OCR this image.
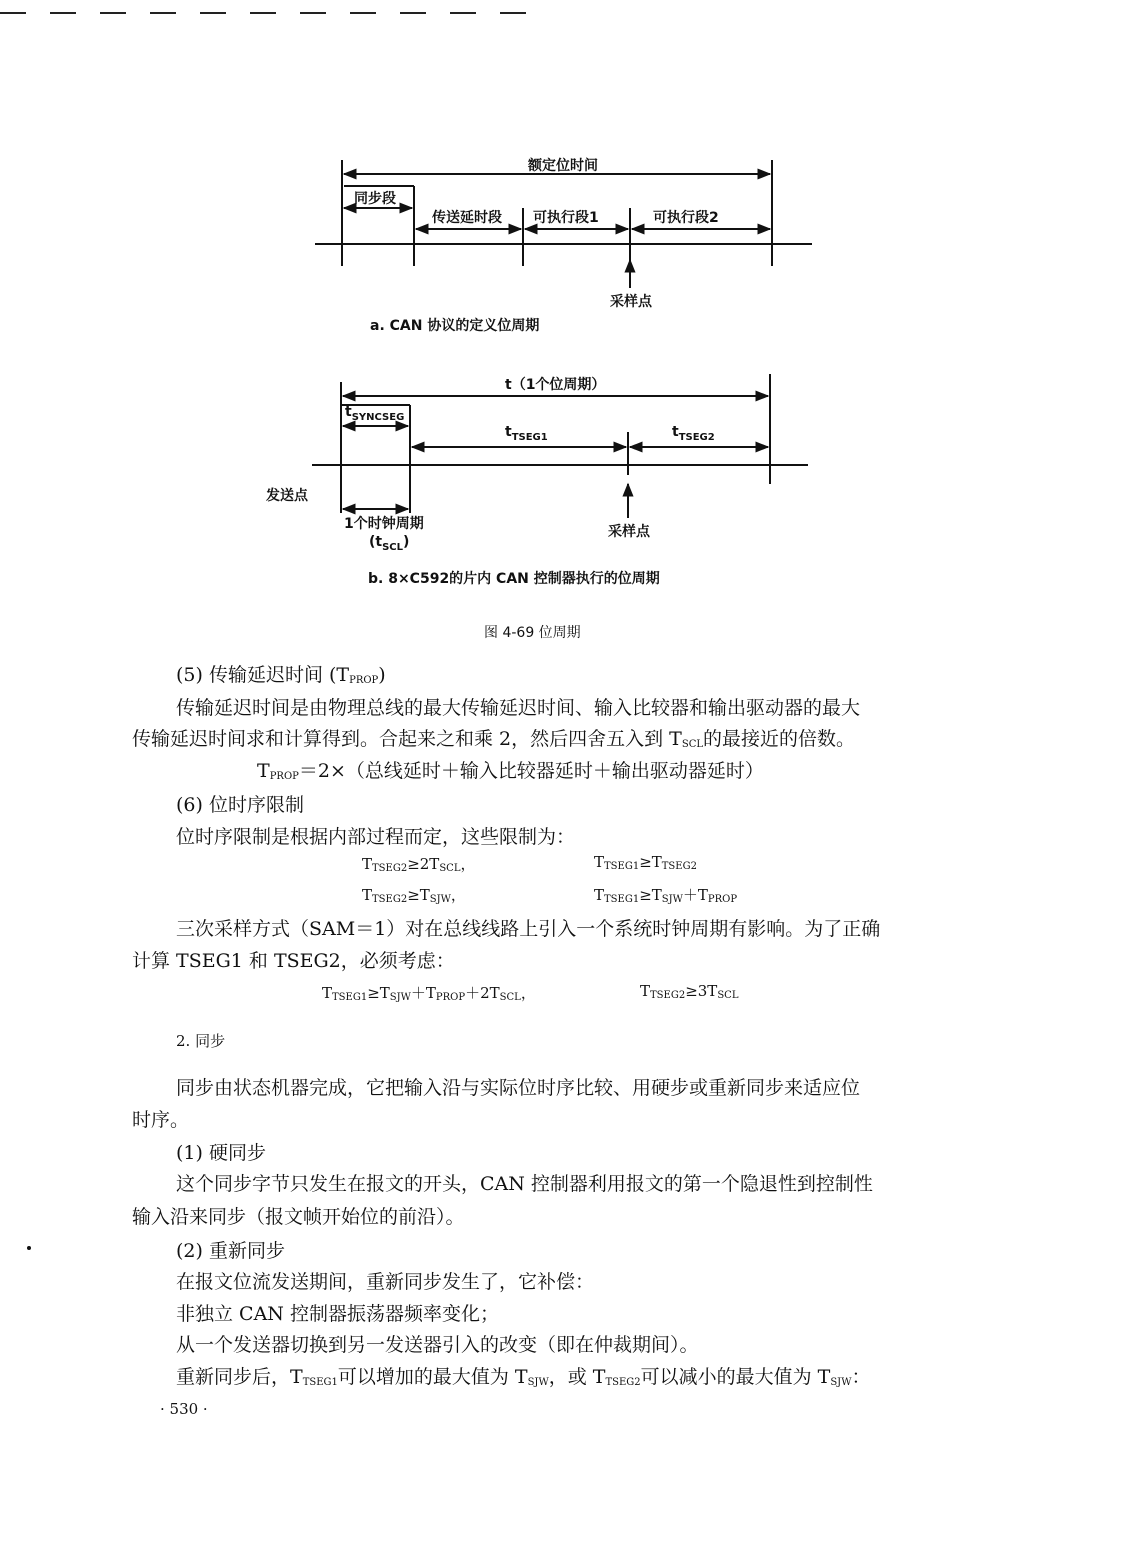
额定位时间
同步段
传送延时段 可执行段1	可执行段2
采样点
a. CAN 协议的定义位周期
t（1个位周期）
$t_{SYNCSEG}$
$t_{TSEG1}$	$t_{TSEG2}$
发送点
1个时钟周期
$(t_{SCL})$
采样点
b. 8×C592的片内 CAN 控制器执行的位周期
图 4-69 位周期
(5) 传输延迟时间 $(T_{PROP})$
传输延迟时间是由物理总线的最大传输延迟时间、输入比较器和输出驱动器的最大
传输延迟时间求和计算得到。合起来之和乘 2，然后四舍五入到 $T_{SCL}$的最接近的倍数。
$T_{PROP}=2\times$（总线延时＋输入比较器延时＋输出驱动器延时）
(6) 位时序限制
位时序限制是根据内部过程而定，这些限制为：
$T_{TSEG2}\ge 2T_{SCL}$，	$T_{TSEG1}\ge T_{TSEG2}$
$T_{TSEG2}\ge T_{SJW}$，	$T_{TSEG1}\ge T_{SJW}+T_{PROP}$
三次采样方式（SAM＝1）对在总线线路上引入一个系统时钟周期有影响。为了正确
计算 TSEG1 和 TSEG2，必须考虑：
$T_{TSEG1}\ge T_{SJW}+T_{PROP}+2T_{SCL}$，	$T_{TSEG2}\ge 3T_{SCL}$
2. 同步
同步由状态机器完成，它把输入沿与实际位时序比较、用硬步或重新同步来适应位
时序。
(1) 硬同步
这个同步字节只发生在报文的开头，CAN 控制器利用报文的第一个隐退性到控制性
输入沿来同步（报文帧开始位的前沿）。
(2) 重新同步
在报文位流发送期间，重新同步发生了，它补偿：
非独立 CAN 控制器振荡器频率变化；
从一个发送器切换到另一发送器引入的改变（即在仲裁期间）。
重新同步后，$T_{TSEG1}$可以增加的最大值为 $T_{SJW}$，或 $T_{TSEG2}$可以减小的最大值为 $T_{SJW}$：
· 530 ·
